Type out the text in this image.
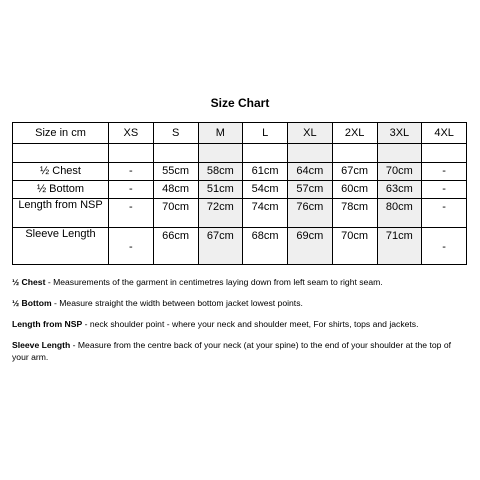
Size Chart
Size in cm	XS	S	M	L	XL	2XL	3XL	4XL

½ Chest	-	55cm	58cm	61cm	64cm	67cm	70cm	-
½ Bottom	-	48cm	51cm	54cm	57cm	60cm	63cm	-
Length from NSP	-	70cm	72cm	74cm	76cm	78cm	80cm	-
Sleeve Length	-	66cm	67cm	68cm	69cm	70cm	71cm	-

½ Chest - Measurements of the garment in centimetres laying down from left seam to right seam.

½ Bottom - Measure straight the width between bottom jacket lowest points.

Length from NSP - neck shoulder point - where your neck and shoulder meet, For shirts, tops and jackets.

Sleeve Length - Measure from the centre back of your neck (at your spine) to the end of your shoulder at the top of your arm.
